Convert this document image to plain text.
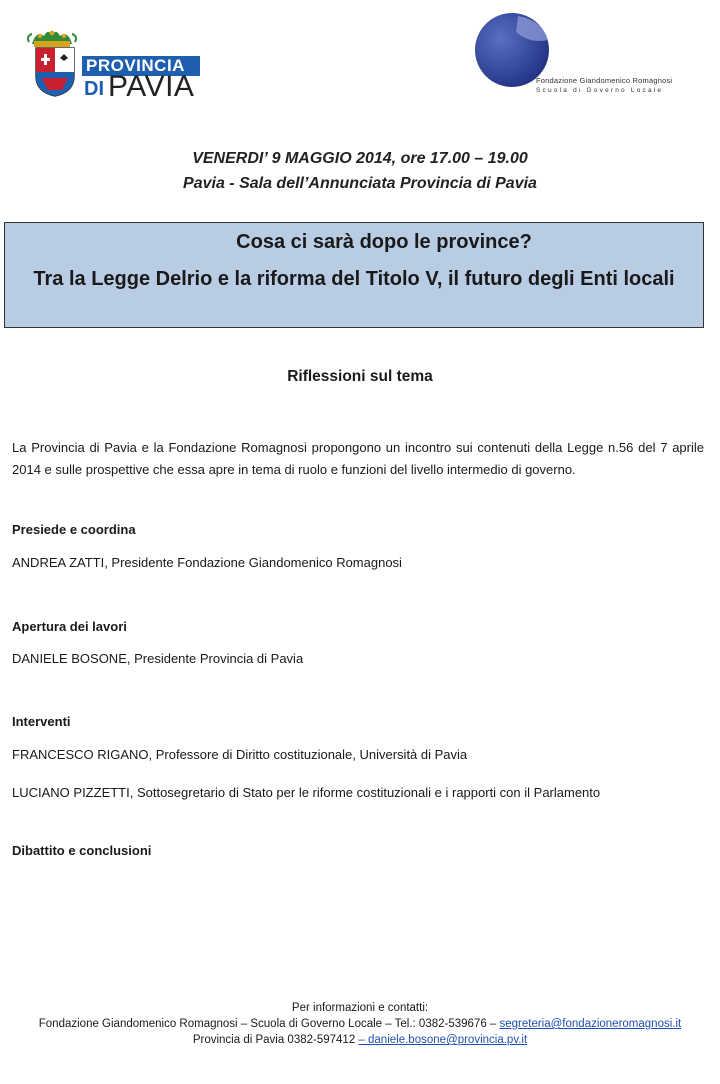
PROVINCIA
DI PAVIA	Fondazione Giandomenico Romagnosi
Scuola di Governo Locale
VENERDI’ 9 MAGGIO 2014, ore 17.00 – 19.00
Pavia - Sala dell’Annunciata Provincia di Pavia
Cosa ci sarà dopo le province?
Tra la Legge Delrio e la riforma del Titolo V, il futuro degli Enti locali
Riflessioni sul tema
La Provincia di Pavia e la Fondazione Romagnosi propongono un incontro sui contenuti della Legge n.56 del 7 aprile 2014 e sulle prospettive che essa apre in tema di ruolo e funzioni del livello intermedio di governo.
Presiede e coordina
ANDREA ZATTI, Presidente Fondazione Giandomenico Romagnosi
Apertura dei lavori
DANIELE BOSONE, Presidente Provincia di Pavia
Interventi
FRANCESCO RIGANO, Professore di Diritto costituzionale, Università di Pavia
LUCIANO PIZZETTI, Sottosegretario di Stato per le riforme costituzionali e i rapporti con il Parlamento
Dibattito e conclusioni
Per informazioni e contatti:
Fondazione Giandomenico Romagnosi – Scuola di Governo Locale – Tel.: 0382-539676 – segreteria@fondazioneromagnosi.it
Provincia di Pavia 0382-597412 – daniele.bosone@provincia.pv.it
